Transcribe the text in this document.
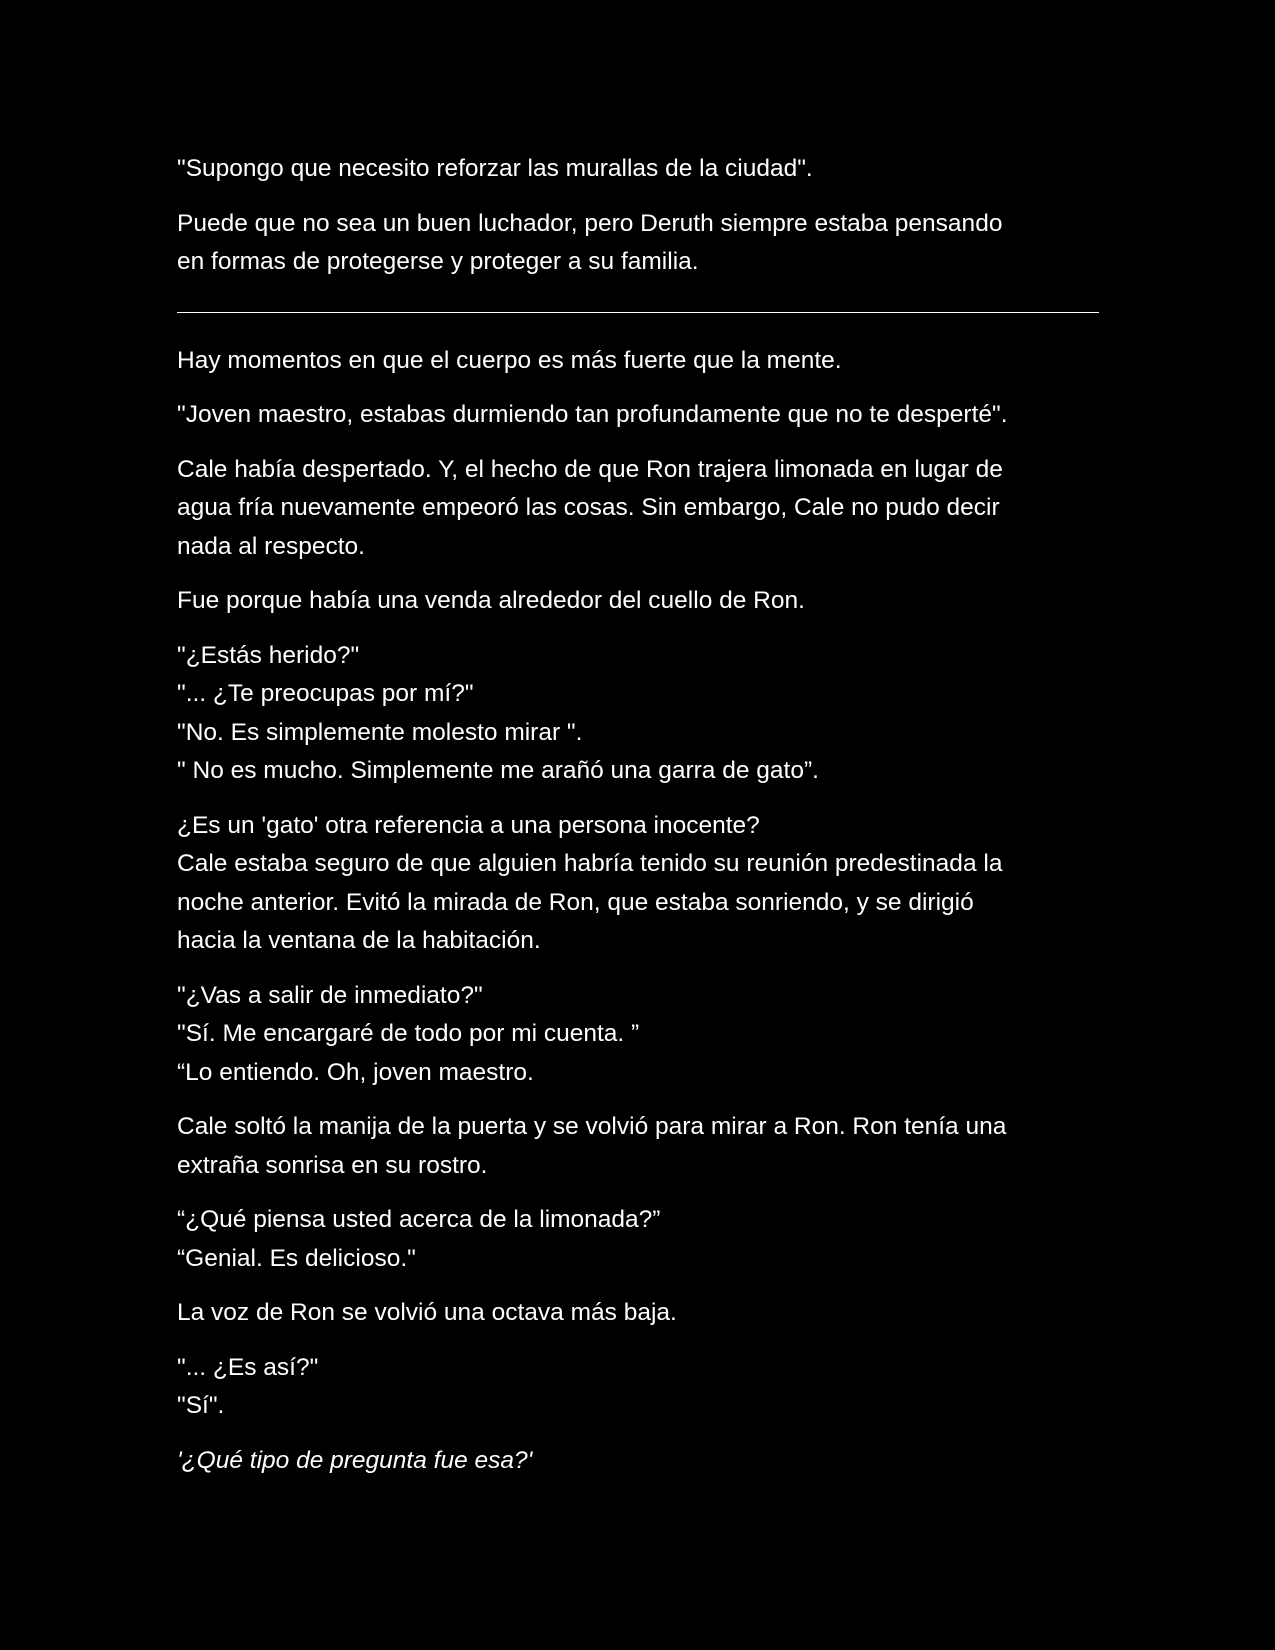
"Supongo que necesito reforzar las murallas de la ciudad".

Puede que no sea un buen luchador, pero Deruth siempre estaba pensando
en formas de protegerse y proteger a su familia.

Hay momentos en que el cuerpo es más fuerte que la mente.

"Joven maestro, estabas durmiendo tan profundamente que no te desperté".

Cale había despertado. Y, el hecho de que Ron trajera limonada en lugar de
agua fría nuevamente empeoró las cosas. Sin embargo, Cale no pudo decir
nada al respecto.

Fue porque había una venda alrededor del cuello de Ron.

"¿Estás herido?"
"... ¿Te preocupas por mí?"
"No. Es simplemente molesto mirar ".
" No es mucho. Simplemente me arañó una garra de gato”.

¿Es un 'gato' otra referencia a una persona inocente?
Cale estaba seguro de que alguien habría tenido su reunión predestinada la
noche anterior. Evitó la mirada de Ron, que estaba sonriendo, y se dirigió
hacia la ventana de la habitación.

"¿Vas a salir de inmediato?"
"Sí. Me encargaré de todo por mi cuenta. ”
“Lo entiendo. Oh, joven maestro.

Cale soltó la manija de la puerta y se volvió para mirar a Ron. Ron tenía una
extraña sonrisa en su rostro.

“¿Qué piensa usted acerca de la limonada?”
“Genial. Es delicioso."

La voz de Ron se volvió una octava más baja.

"... ¿Es así?"
"Sí".

'¿Qué tipo de pregunta fue esa?'
